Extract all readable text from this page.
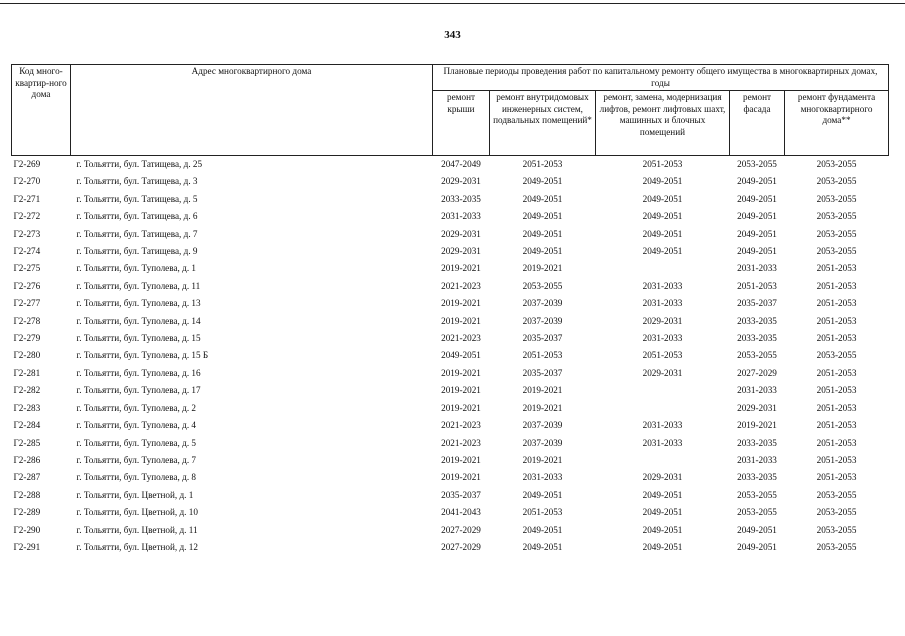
343
Код много-квартир-ного дома	Адрес многоквартирного дома	Плановые периоды проведения работ по капитальному ремонту общего имущества в многоквартирных домах, годы				
		ремонт крыши	ремонт внутридомовых инженерных систем, подвальных помещений*	ремонт, замена, модернизация лифтов, ремонт лифтовых шахт, машинных и блочных помещений	ремонт фасада	ремонт фундамента многоквартирного дома**
Г2-269	г. Тольятти, бул. Татищева, д. 25	2047-2049	2051-2053	2051-2053	2053-2055	2053-2055
Г2-270	г. Тольятти, бул. Татищева, д. 3	2029-2031	2049-2051	2049-2051	2049-2051	2053-2055
Г2-271	г. Тольятти, бул. Татищева, д. 5	2033-2035	2049-2051	2049-2051	2049-2051	2053-2055
Г2-272	г. Тольятти, бул. Татищева, д. 6	2031-2033	2049-2051	2049-2051	2049-2051	2053-2055
Г2-273	г. Тольятти, бул. Татищева, д. 7	2029-2031	2049-2051	2049-2051	2049-2051	2053-2055
Г2-274	г. Тольятти, бул. Татищева, д. 9	2029-2031	2049-2051	2049-2051	2049-2051	2053-2055
Г2-275	г. Тольятти, бул. Туполева, д. 1	2019-2021	2019-2021		2031-2033	2051-2053
Г2-276	г. Тольятти, бул. Туполева, д. 11	2021-2023	2053-2055	2031-2033	2051-2053	2051-2053
Г2-277	г. Тольятти, бул. Туполева, д. 13	2019-2021	2037-2039	2031-2033	2035-2037	2051-2053
Г2-278	г. Тольятти, бул. Туполева, д. 14	2019-2021	2037-2039	2029-2031	2033-2035	2051-2053
Г2-279	г. Тольятти, бул. Туполева, д. 15	2021-2023	2035-2037	2031-2033	2033-2035	2051-2053
Г2-280	г. Тольятти, бул. Туполева, д. 15 Б	2049-2051	2051-2053	2051-2053	2053-2055	2053-2055
Г2-281	г. Тольятти, бул. Туполева, д. 16	2019-2021	2035-2037	2029-2031	2027-2029	2051-2053
Г2-282	г. Тольятти, бул. Туполева, д. 17	2019-2021	2019-2021		2031-2033	2051-2053
Г2-283	г. Тольятти, бул. Туполева, д. 2	2019-2021	2019-2021		2029-2031	2051-2053
Г2-284	г. Тольятти, бул. Туполева, д. 4	2021-2023	2037-2039	2031-2033	2019-2021	2051-2053
Г2-285	г. Тольятти, бул. Туполева, д. 5	2021-2023	2037-2039	2031-2033	2033-2035	2051-2053
Г2-286	г. Тольятти, бул. Туполева, д. 7	2019-2021	2019-2021		2031-2033	2051-2053
Г2-287	г. Тольятти, бул. Туполева, д. 8	2019-2021	2031-2033	2029-2031	2033-2035	2051-2053
Г2-288	г. Тольятти, бул. Цветной, д. 1	2035-2037	2049-2051	2049-2051	2053-2055	2053-2055
Г2-289	г. Тольятти, бул. Цветной, д. 10	2041-2043	2051-2053	2049-2051	2053-2055	2053-2055
Г2-290	г. Тольятти, бул. Цветной, д. 11	2027-2029	2049-2051	2049-2051	2049-2051	2053-2055
Г2-291	г. Тольятти, бул. Цветной, д. 12	2027-2029	2049-2051	2049-2051	2049-2051	2053-2055
